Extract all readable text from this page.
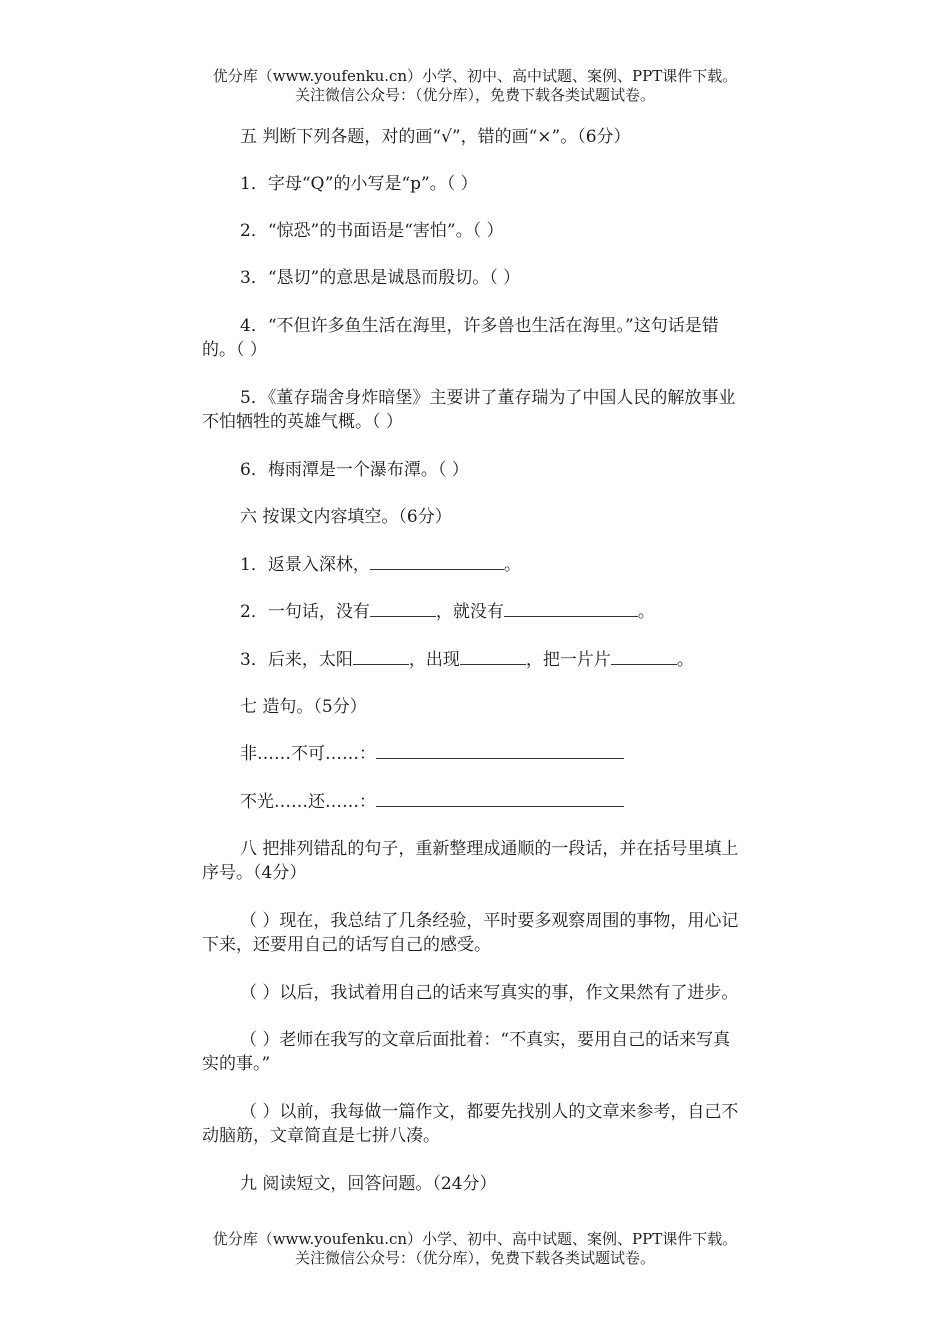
优分库（www.youfenku.cn）小学、初中、高中试题、案例、PPT课件下载。
关注微信公众号：（优分库），免费下载各类试题试卷。
五 判断下列各题，对的画“√”，错的画“×”。（6分）
1．字母“Q”的小写是“p”。（ ）
2．“惊恐”的书面语是“害怕”。（ ）
3．“恳切”的意思是诚恳而殷切。（ ）
4．“不但许多鱼生活在海里，许多兽也生活在海里。”这句话是错
的。（ ）
5．《董存瑞舍身炸暗堡》主要讲了董存瑞为了中国人民的解放事业
不怕牺牲的英雄气概。（ ）
6．梅雨潭是一个瀑布潭。（ ）
六 按课文内容填空。（6分）
1．返景入深林，	。
2．一句话，没有	，就没有	。
3．后来，太阳	，出现	，把一片片	。
七 造句。（5分）
非……不可……：
不光……还……：
八 把排列错乱的句子，重新整理成通顺的一段话，并在括号里填上
序号。（4分）
（ ）现在，我总结了几条经验，平时要多观察周围的事物，用心记
下来，还要用自己的话写自己的感受。
（ ）以后，我试着用自己的话来写真实的事，作文果然有了进步。
（ ）老师在我写的文章后面批着：“不真实，要用自己的话来写真
实的事。”
（ ）以前，我每做一篇作文，都要先找别人的文章来参考，自己不
动脑筋，文章简直是七拼八凑。
九 阅读短文，回答问题。（24分）
优分库（www.youfenku.cn）小学、初中、高中试题、案例、PPT课件下载。
关注微信公众号：（优分库），免费下载各类试题试卷。
